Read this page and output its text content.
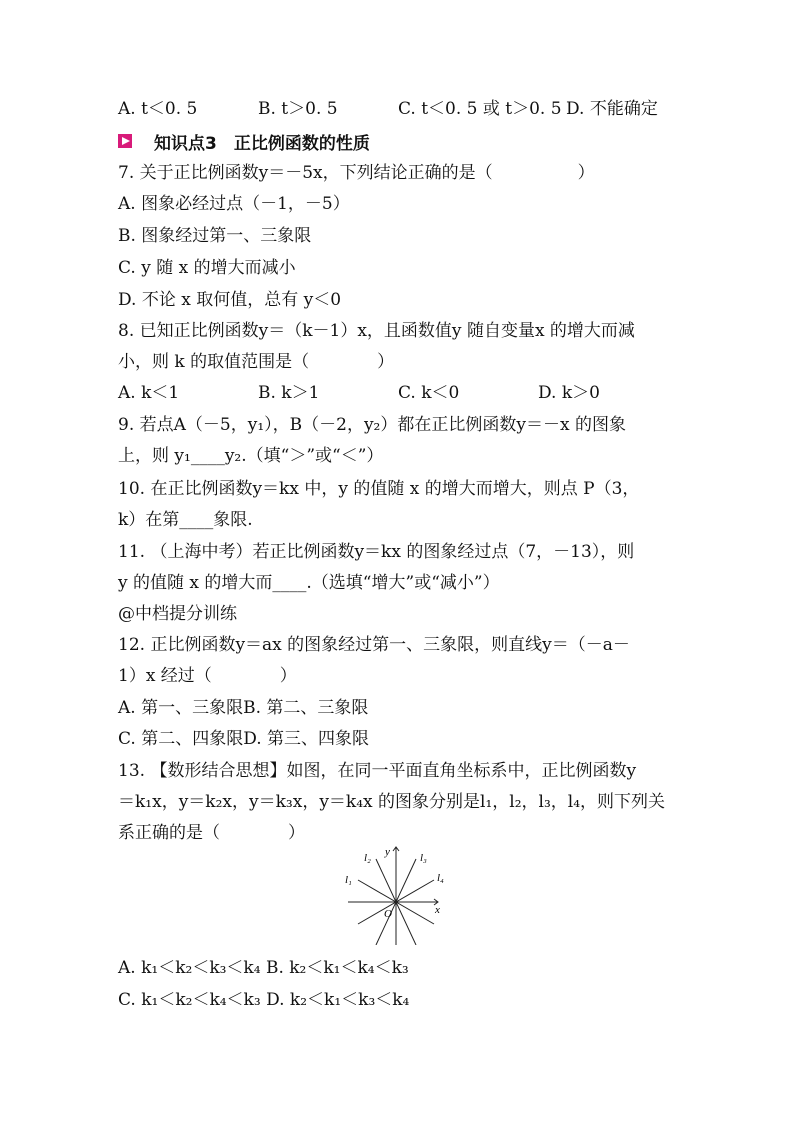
A. t＜0. 5	B. t＞0. 5	C. t＜0. 5 或 t＞0. 5 D. 不能确定
知识点3　正比例函数的性质
7. 关于正比例函数y＝－5x，下列结论正确的是（　　　　　）
A. 图象必经过点（－1，－5）
B. 图象经过第一、三象限
C. y 随 x 的增大而减小
D. 不论 x 取何值，总有 y＜0
8. 已知正比例函数y＝（k－1）x，且函数值y 随自变量x 的增大而减
小，则 k 的取值范围是（　　　　）
A. k＜1	B. k＞1	C. k＜0	D. k＞0
9. 若点A（－5，y₁），B（－2，y₂）都在正比例函数y＝－x 的图象
上，则 y₁____y₂.（填“＞”或“＜”）
10. 在正比例函数y＝kx 中，y 的值随 x 的增大而增大，则点 P（3，
k）在第____象限.
11. （上海中考）若正比例函数y＝kx 的图象经过点（7，－13），则
y 的值随 x 的增大而____.（选填“增大”或“减小”）
@中档提分训练
12. 正比例函数y＝ax 的图象经过第一、三象限，则直线y＝（－a－
1）x 经过（　　　　）
A. 第一、三象限B. 第二、三象限
C. 第二、四象限D. 第三、四象限
13. 【数形结合思想】如图，在同一平面直角坐标系中，正比例函数y
＝k₁x，y＝k₂x，y＝k₃x，y＝k₄x 的图象分别是l₁，l₂，l₃，l₄，则下列关
系正确的是（　　　　）
l₁
l₂	l₃
l₄
x
y
O
A. k₁＜k₂＜k₃＜k₄ B. k₂＜k₁＜k₄＜k₃
C. k₁＜k₂＜k₄＜k₃ D. k₂＜k₁＜k₃＜k₄
